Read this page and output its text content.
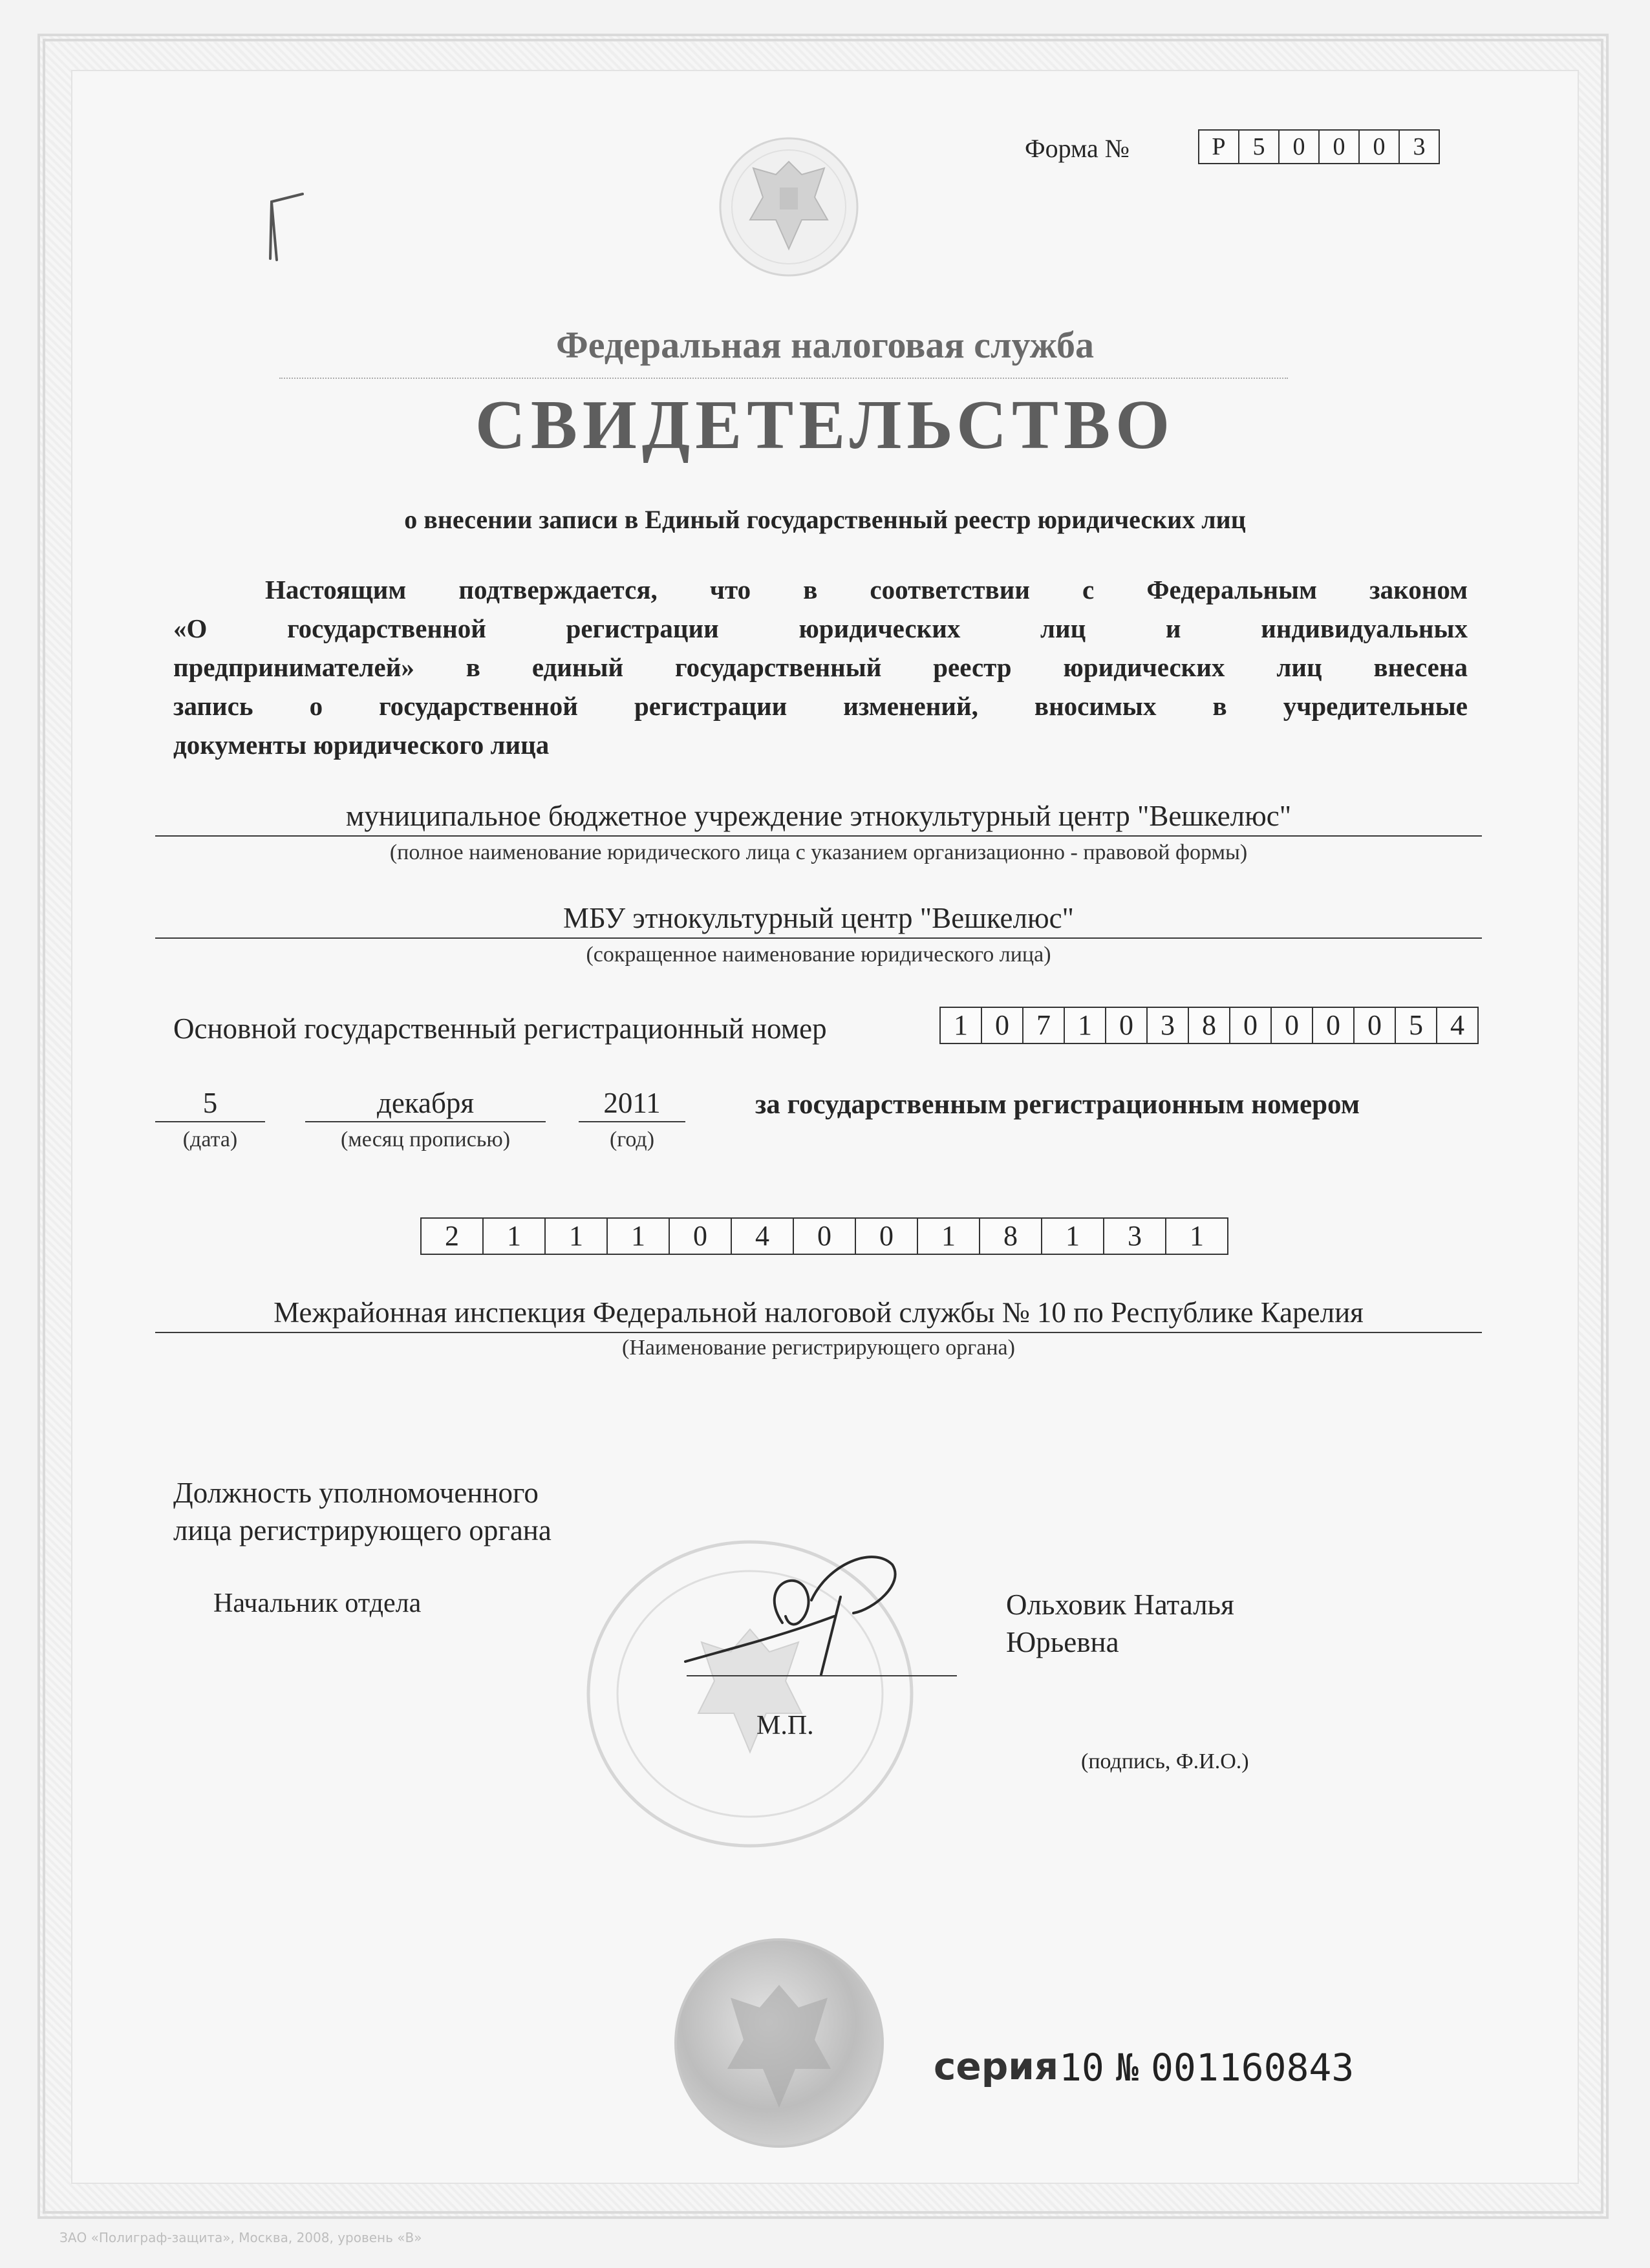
Форма №	Р	5	0	0	0	3
Федеральная налоговая служба
СВИДЕТЕЛЬСТВО
о внесении записи в Единый государственный реестр юридических лиц
Настоящим подтверждается, что в соответствии с Федеральным законом
«О государственной регистрации юридических лиц и индивидуальных
предпринимателей» в единый государственный реестр юридических лиц внесена
запись о государственной регистрации изменений, вносимых в учредительные
документы юридического лица
муниципальное бюджетное учреждение этнокультурный центр "Вешкелюс"
(полное наименование юридического лица с указанием организационно - правовой формы)
МБУ этнокультурный центр "Вешкелюс"
(сокращенное наименование юридического лица)
Основной государственный регистрационный номер	1 0 7 1 0 3 8 0 0 0 0 5 4
5
(дата)
декабря
(месяц прописью)
2011
(год)
за государственным регистрационным номером
2	1	1	1	0	4	0	0	1	8	1	3	1
Межрайонная инспекция Федеральной налоговой службы № 10 по Республике Карелия
(Наименование регистрирующего органа)
Должность уполномоченного
лица регистрирующего органа
Начальник отдела
М.П.
Ольховик Наталья
Юрьевна
(подпись, Ф.И.О.)
серия 10 № 001160843
ЗАО «Полиграф-защита», Москва, 2008, уровень «В»
